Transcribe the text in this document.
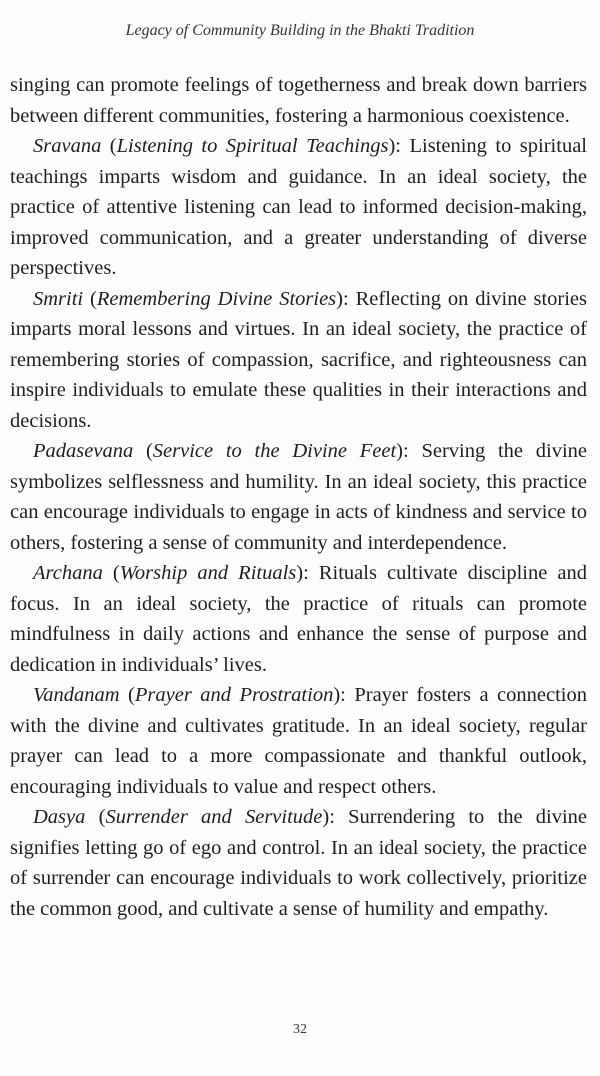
Legacy of Community Building in the Bhakti Tradition

singing can promote feelings of togetherness and break down barriers between different communities, fostering a harmonious coexistence.

Sravana (Listening to Spiritual Teachings): Listening to spiritual teachings imparts wisdom and guidance. In an ideal society, the practice of attentive listening can lead to informed decision-making, improved communication, and a greater understanding of diverse perspectives.

Smriti (Remembering Divine Stories): Reflecting on divine stories imparts moral lessons and virtues. In an ideal society, the practice of remembering stories of compassion, sacrifice, and righteousness can inspire individuals to emulate these qualities in their interactions and decisions.

Padasevana (Service to the Divine Feet): Serving the divine symbolizes selflessness and humility. In an ideal society, this practice can encourage individuals to engage in acts of kindness and service to others, fostering a sense of community and interdependence.

Archana (Worship and Rituals): Rituals cultivate discipline and focus. In an ideal society, the practice of rituals can promote mindfulness in daily actions and enhance the sense of purpose and dedication in individuals’ lives.

Vandanam (Prayer and Prostration): Prayer fosters a connection with the divine and cultivates gratitude. In an ideal society, regular prayer can lead to a more compassionate and thankful outlook, encouraging individuals to value and respect others.

Dasya (Surrender and Servitude): Surrendering to the divine signifies letting go of ego and control. In an ideal society, the practice of surrender can encourage individuals to work collectively, prioritize the common good, and cultivate a sense of humility and empathy.

32
